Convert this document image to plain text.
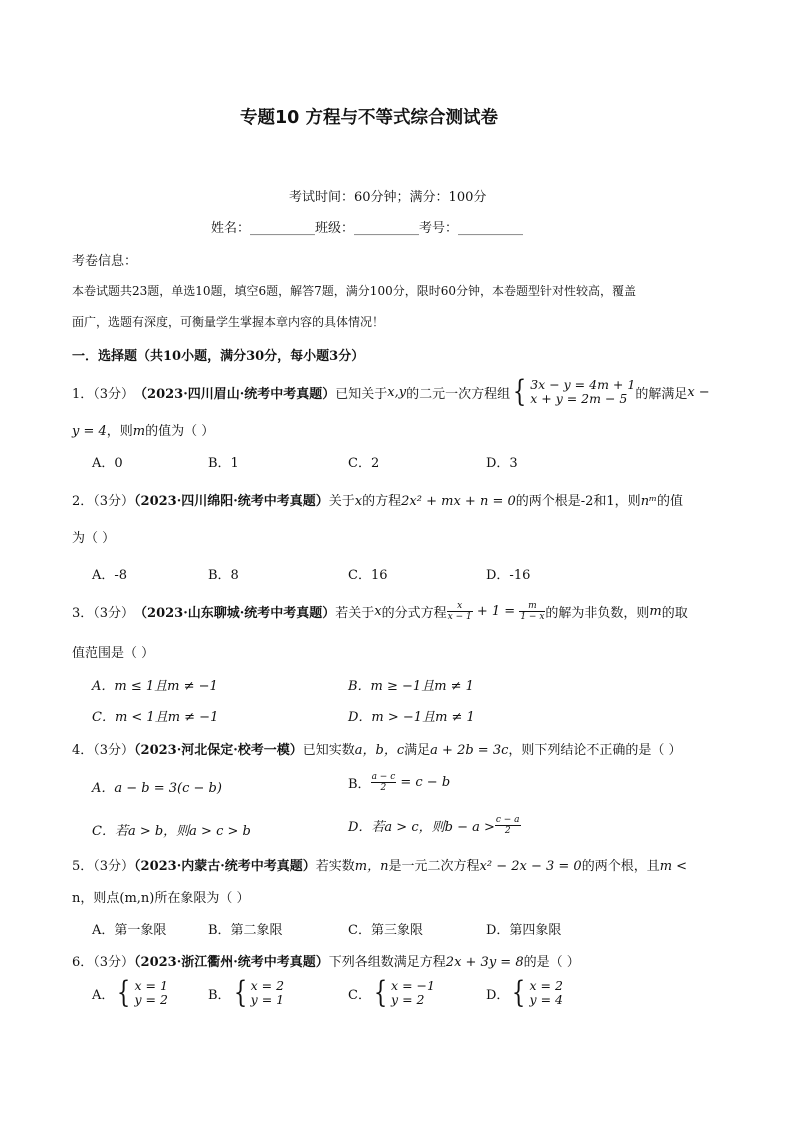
专题10 方程与不等式综合测试卷
考试时间：60分钟；满分：100分
姓名：__________班级：__________考号：__________
考卷信息：
本卷试题共23题，单选10题，填空6题，解答7题，满分100分，限时60分钟，本卷题型针对性较高，覆盖
面广，选题有深度，可衡量学生掌握本章内容的具体情况！
一．选择题（共10小题，满分30分，每小题3分）
1．（3分） （2023·四川眉山·统考中考真题） 已知关于 x,y 的二元一次方程组 { 3x − y = 4m + 1
x + y = 2m − 5 的解满足 x −
y = 4，则m的值为（ ）
A．0	B．1	C．2	D．3
2．（3分）（2023·四川绵阳·统考中考真题）关于x的方程2x² + mx + n = 0的两个根是-2和1，则nᵐ的值
为（ ）
A．-8	B．8	C．16	D．-16
3．（3分） （2023·山东聊城·统考中考真题） 若关于 x 的分式方程 $\frac{x}{x - 1} + 1 = \frac{m}{1 - x}$ 的解为非负数，则 m 的取
值范围是（ ）
A．m ≤ 1且m ≠ −1	B．m ≥ −1且m ≠ 1
C．m < 1且m ≠ −1	D．m > −1且m ≠ 1
4．（3分）（2023·河北保定·校考一模）已知实数a，b，c满足a + 2b = 3c，则下列结论不正确的是（ ）
A．a − b = 3(c − b)	B． $\frac{a - c}{2} = c - b$
C．若a > b，则a > c > b	D．若a > c，则$b - a > \frac{c - a}{2}$
5．（3分）（2023·内蒙古·统考中考真题）若实数m，n是一元二次方程x² − 2x − 3 = 0的两个根，且m <
n，则点(m,n)所在象限为（ ）
A．第一象限	B．第二象限	C．第三象限	D．第四象限
6．（3分）（2023·浙江衢州·统考中考真题）下列各组数满足方程2x + 3y = 8的是（ ）
A． { x = 1
y = 2	B． { x = 2
y = 1	C． { x = −1
y = 2	D． { x = 2
y = 4
